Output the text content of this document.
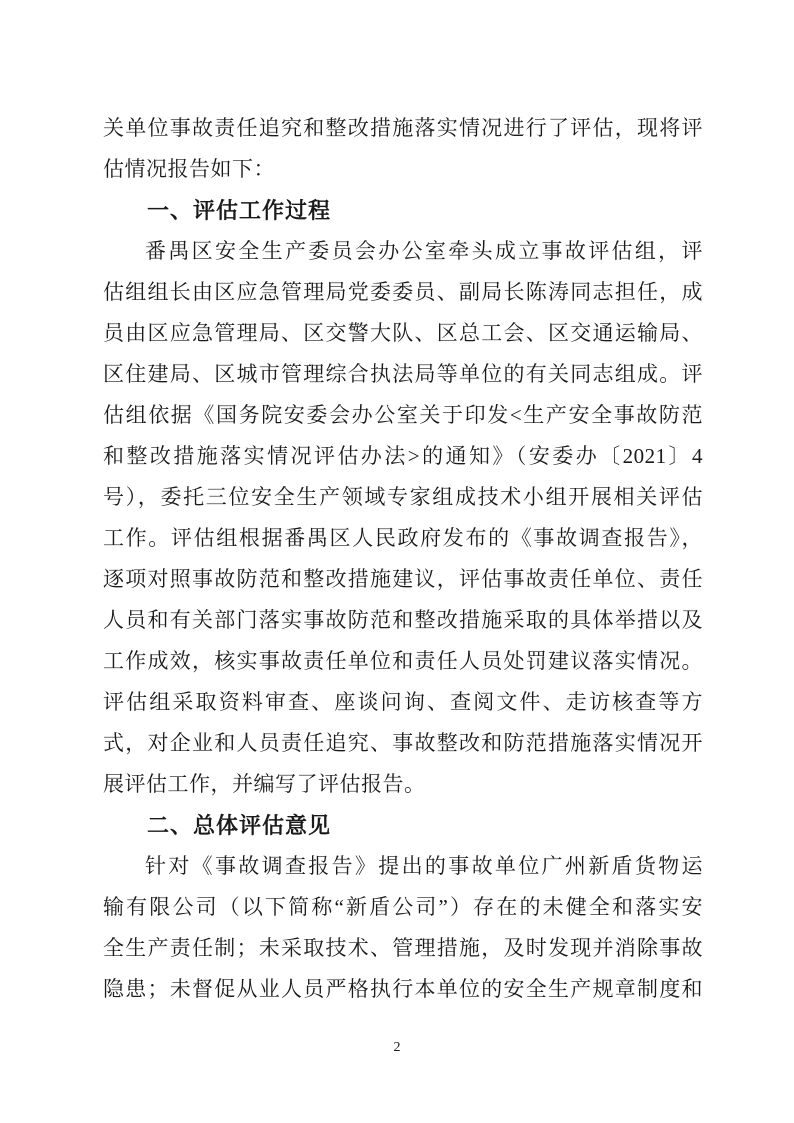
关单位事故责任追究和整改措施落实情况进行了评估，现将评

估情况报告如下：

一、评估工作过程

番禺区安全生产委员会办公室牵头成立事故评估组，评

估组组长由区应急管理局党委委员、副局长陈涛同志担任，成

员由区应急管理局、区交警大队、区总工会、区交通运输局、

区住建局、区城市管理综合执法局等单位的有关同志组成。评

估组依据《国务院安委会办公室关于印发<生产安全事故防范

和整改措施落实情况评估办法>的通知》（安委办〔2021〕4

号），委托三位安全生产领域专家组成技术小组开展相关评估

工作。评估组根据番禺区人民政府发布的《事故调查报告》，

逐项对照事故防范和整改措施建议，评估事故责任单位、责任

人员和有关部门落实事故防范和整改措施采取的具体举措以及

工作成效，核实事故责任单位和责任人员处罚建议落实情况。

评估组采取资料审查、座谈问询、查阅文件、走访核查等方

式，对企业和人员责任追究、事故整改和防范措施落实情况开

展评估工作，并编写了评估报告。

二、总体评估意见

针对《事故调查报告》提出的事故单位广州新盾货物运

输有限公司（以下简称“新盾公司”）存在的未健全和落实安

全生产责任制；未采取技术、管理措施，及时发现并消除事故

隐患；未督促从业人员严格执行本单位的安全生产规章制度和

2
